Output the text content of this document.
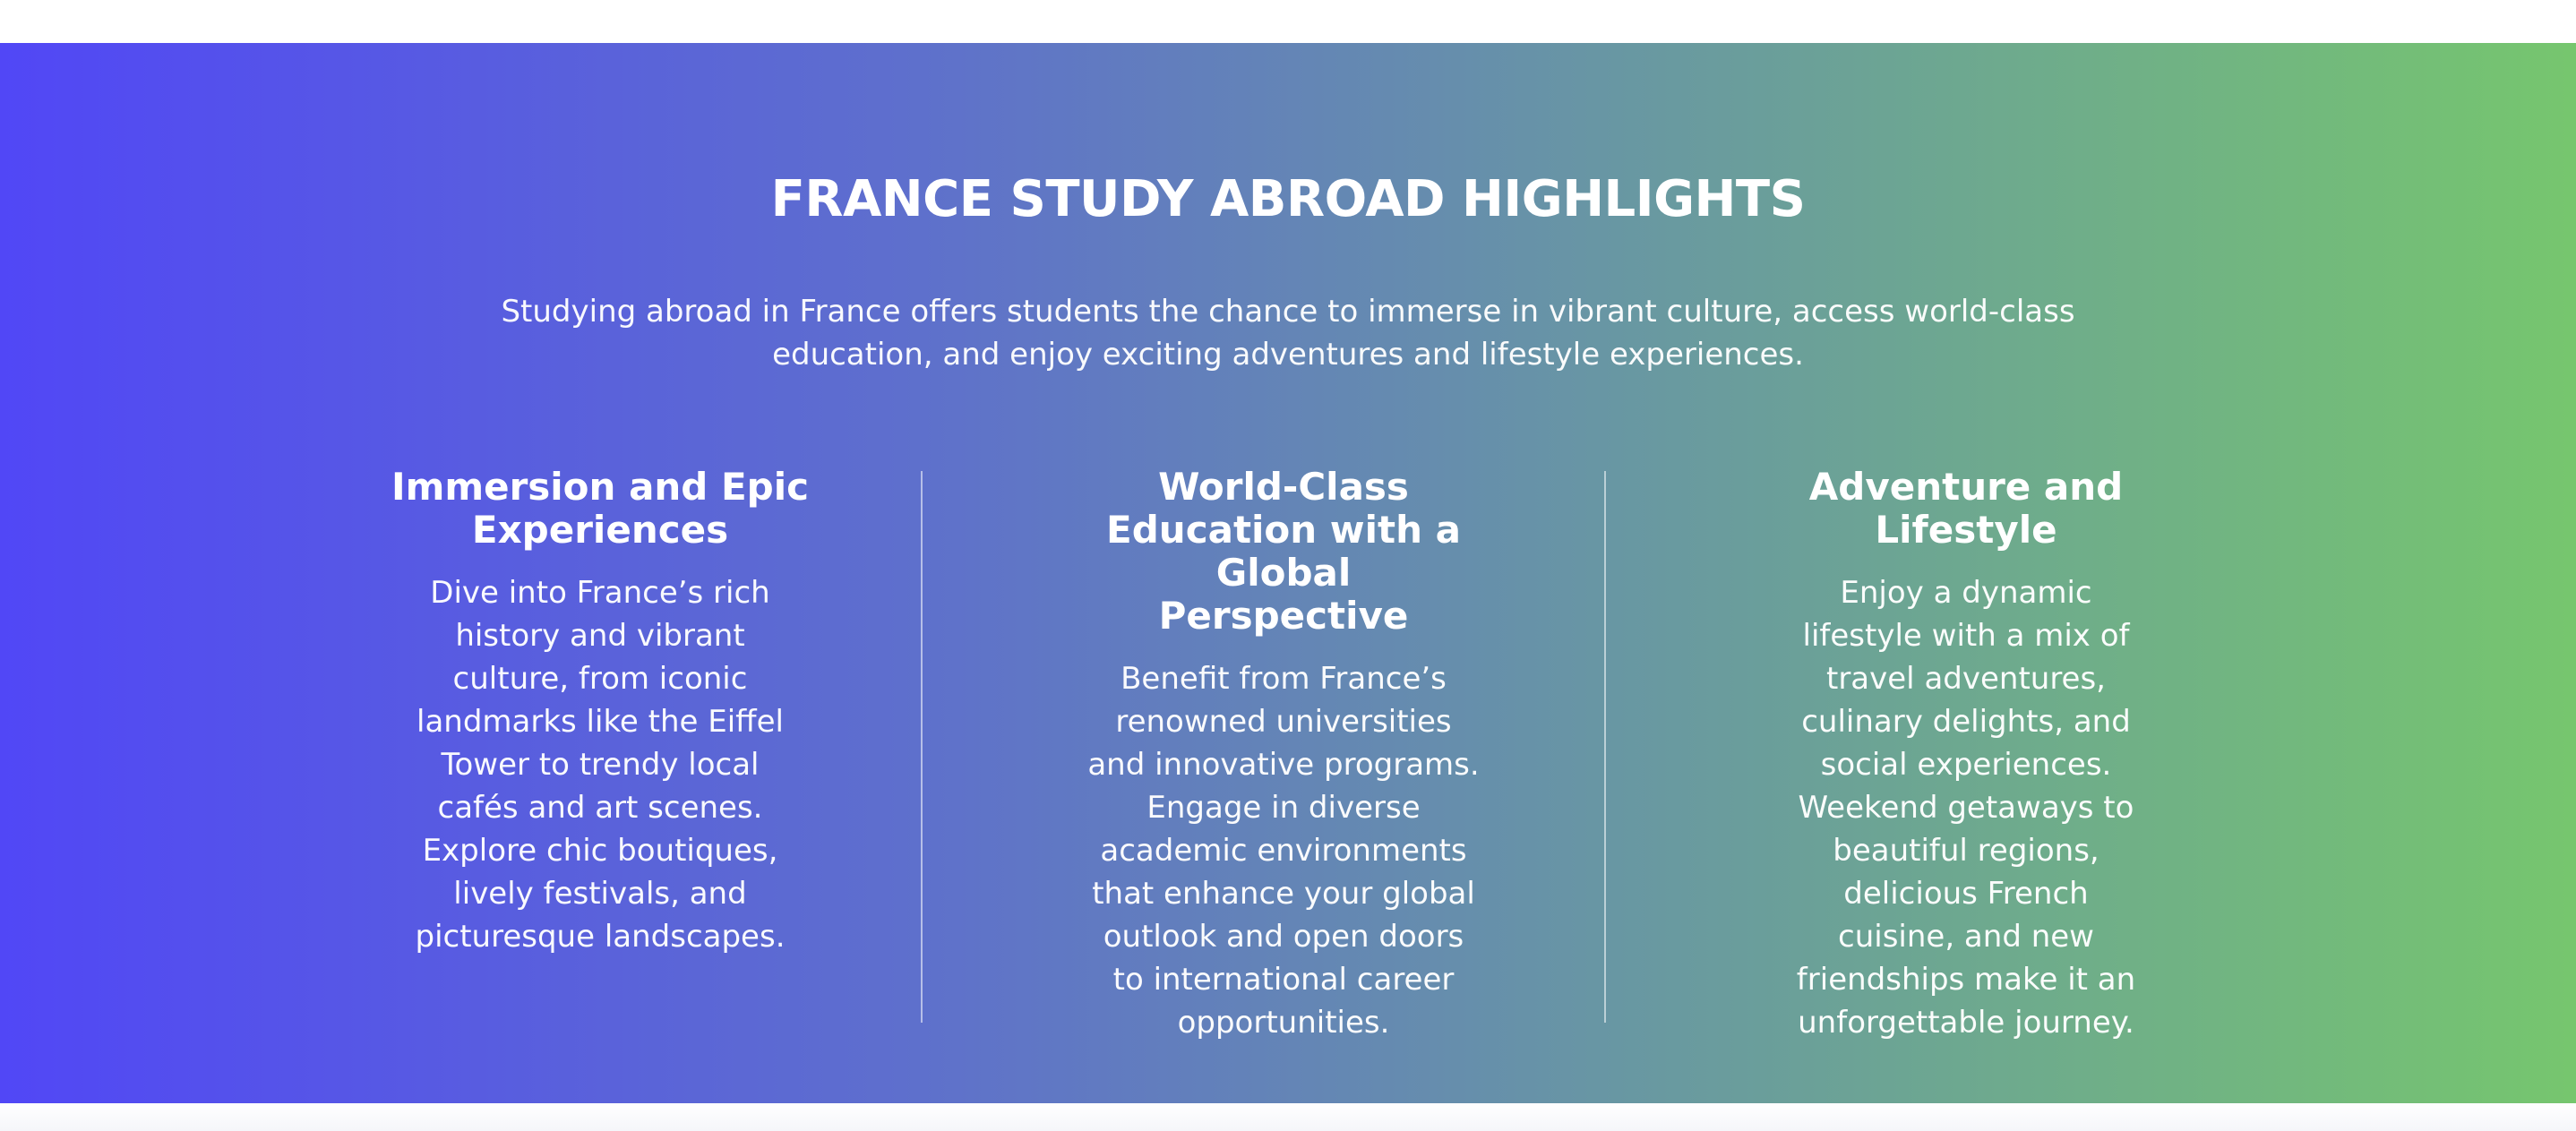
FRANCE STUDY ABROAD HIGHLIGHTS

Studying abroad in France offers students the chance to immerse in vibrant culture, access world-class education, and enjoy exciting adventures and lifestyle experiences.

Immersion and Epic Experiences

Dive into France’s rich history and vibrant culture, from iconic landmarks like the Eiffel Tower to trendy local cafés and art scenes. Explore chic boutiques, lively festivals, and picturesque landscapes.

World-Class Education with a Global Perspective

Benefit from France’s renowned universities and innovative programs. Engage in diverse academic environments that enhance your global outlook and open doors to international career opportunities.

Adventure and Lifestyle

Enjoy a dynamic lifestyle with a mix of travel adventures, culinary delights, and social experiences. Weekend getaways to beautiful regions, delicious French cuisine, and new friendships make it an unforgettable journey.
